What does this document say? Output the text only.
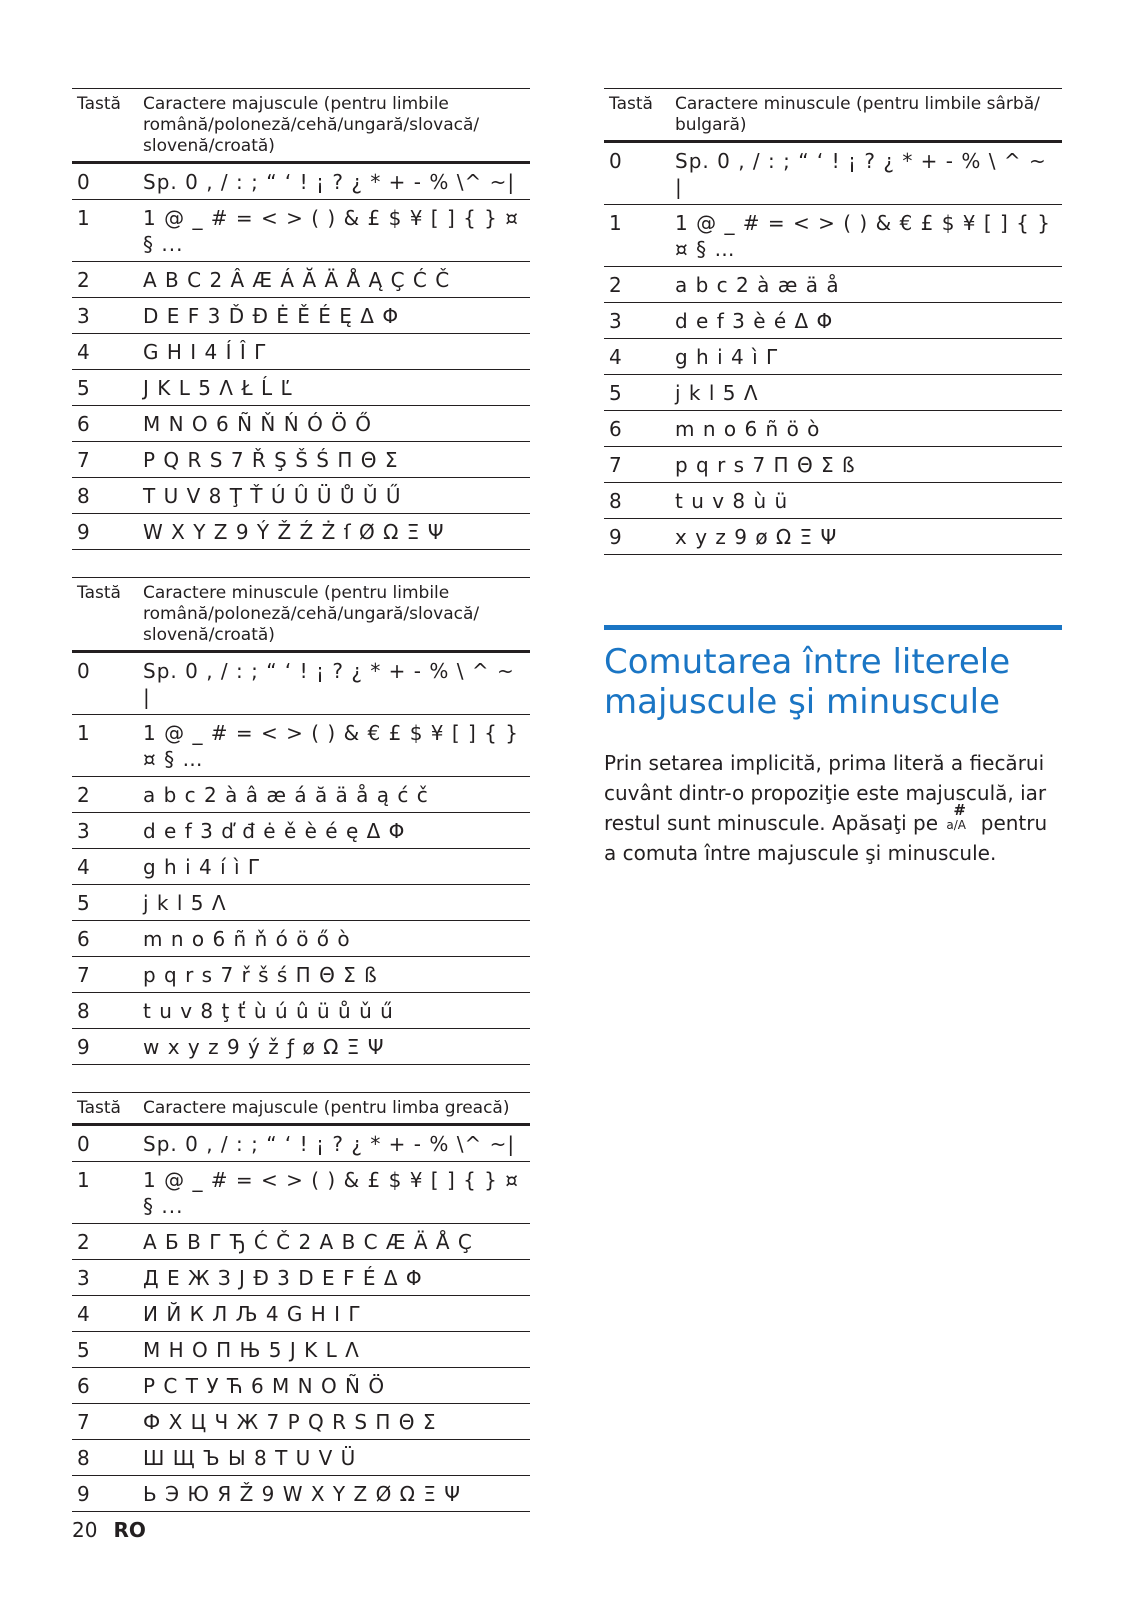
Tastă	Caractere majuscule (pentru limbile română/poloneză/cehă/ungară/slovacă/ slovenă/croată)
0	Sp. 0 , / : ; “ ‘ ! ¡ ? ¿ * + - % \^ ~|
1	1 @ _ # = < > ( ) & £ $ ¥ [ ] { } ¤ § ...
2	A B C 2 Â Æ Á Ă Ä Å Ą Ç Ć Č
3	D E F 3 Ď Đ Ė Ě É Ę Δ Φ
4	G H I 4 Í Î Γ
5	J K L 5 Λ Ł Ĺ Ľ
6	M N O 6 Ñ Ň Ń Ó Ö Ő
7	P Q R S 7 Ř Ş Š Ś Π Θ Σ
8	T U V 8 Ţ Ť Ú Û Ü Ů Ǔ Ű
9	W X Y Z 9 Ý Ž Ź Ż ſ Ø Ω Ξ Ψ
Tastă	Caractere minuscule (pentru limbile română/poloneză/cehă/ungară/slovacă/ slovenă/croată)
0	Sp. 0 , / : ; “ ‘ ! ¡ ? ¿ * + - % \ ^ ~ |
1	1 @ _ # = < > ( ) & € £ $ ¥ [ ] { } ¤ § …
2	a b c 2 à â æ á ă ä å ą ć č
3	d e f 3 ď đ ė ě è é ę Δ Φ
4	g h i 4 í ì Γ
5	j k l 5 Λ
6	m n o 6 ñ ň ó ö ő ò
7	p q r s 7 ř š ś Π Θ Σ ß
8	t u v 8 ţ ť ù ú û ü ů ǔ ű
9	w x y z 9 ý ž ƒ ø Ω Ξ Ψ
Tastă	Caractere majuscule (pentru limba greacă)
0	Sp. 0 , / : ; “ ‘ ! ¡ ? ¿ * + - % \^ ~|
1	1 @ _ # = < > ( ) & £ $ ¥ [ ] { } ¤ § ...
2	А Б В Г Ђ Ć Č 2 A B C Æ Ä Å Ç
3	Д Е Ж З Ј Đ 3 D E F É Δ Φ
4	И Й К Л Љ 4 G H I Γ
5	М Н О П Њ 5 J K L Λ
6	Р С Т У Ћ 6 M N O Ñ Ö
7	Ф Х Ц Ч Ж 7 P Q R S Π Θ Σ
8	Ш Щ Ъ Ы 8 T U V Ü
9	Ь Э Ю Я Ž 9 W X Y Z Ø Ω Ξ Ψ
Tastă	Caractere minuscule (pentru limbile sârbă/ bulgară)
0	Sp. 0 , / : ; “ ‘ ! ¡ ? ¿ * + - % \ ^ ~ |
1	1 @ _ # = < > ( ) & € £ $ ¥ [ ] { } ¤ § …
2	a b c 2 à æ ä å
3	d e f 3 è é Δ Φ
4	g h i 4 ì Γ
5	j k l 5 Λ
6	m n o 6 ñ ö ò
7	p q r s 7 Π Θ Σ ß
8	t u v 8 ù ü
9	x y z 9 ø Ω Ξ Ψ
Comutarea între literele
majuscule şi minuscule

Prin setarea implicită, prima literă a fiecărui cuvânt dintr-o propoziţie este majusculă, iar restul sunt minuscule. Apăsaţi pe
#
a/A pentru a comuta între majuscule şi minuscule.

20 RO
